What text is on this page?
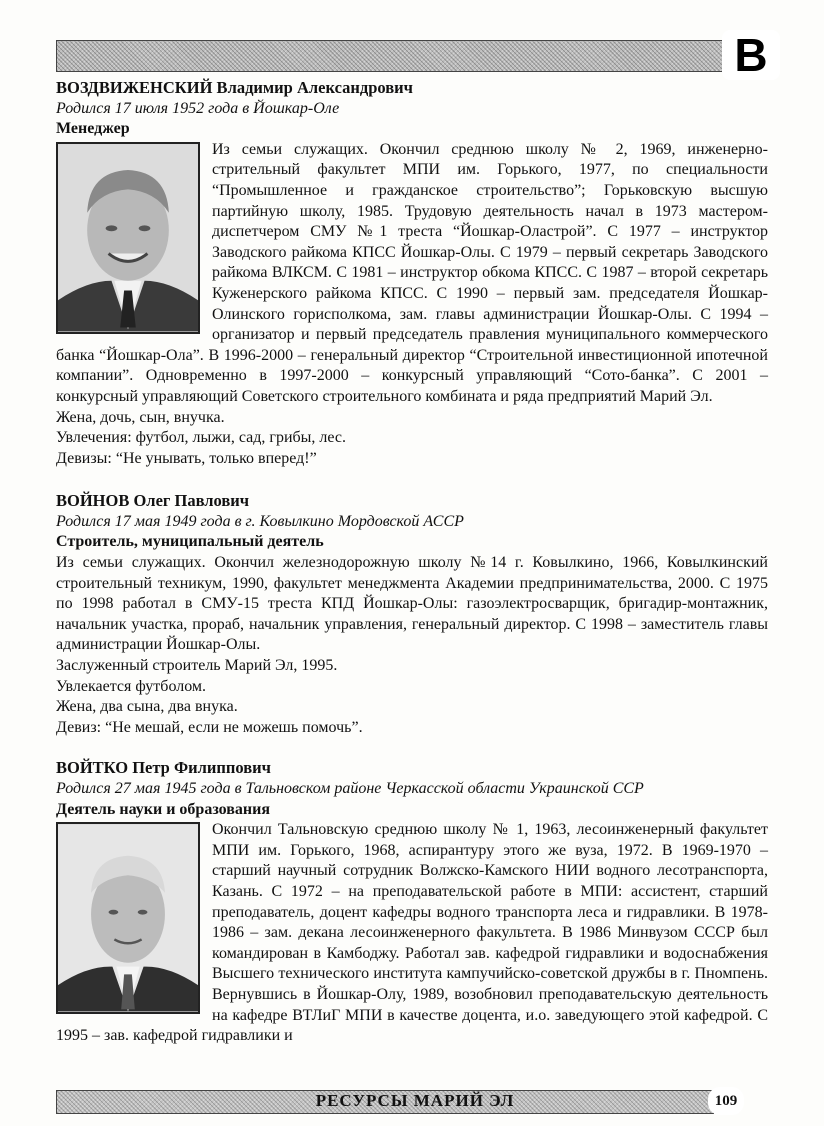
В
ВОЗДВИЖЕНСКИЙ Владимир Александрович
Родился 17 июля 1952 года в Йошкар-Оле
Менеджер
Из семьи служащих. Окончил среднюю школу № 2, 1969, инженерно-стрительный факультет МПИ им. Горького, 1977, по специальности “Промышленное и гражданское строительство”; Горьковскую высшую партийную школу, 1985. Трудовую деятельность начал в 1973 мастером-диспетчером СМУ №1 треста “Йошкар-Оластрой”. С 1977 – инструктор Заводского райкома КПСС Йошкар-Олы. С 1979 – первый секретарь Заводского райкома ВЛКСМ. С 1981 – инструктор обкома КПСС. С 1987 – второй секретарь Куженерского райкома КПСС. С 1990 – первый зам. председателя Йошкар-Олинского горисполкома, зам. главы администрации Йошкар-Олы. С 1994 – организатор и первый председатель правления муниципального коммерческого банка “Йошкар-Ола”. В 1996-2000 – генеральный директор “Строительной инвестиционной ипотечной компании”. Одновременно в 1997-2000 – конкурсный управляющий “Сото-банка”. С 2001 – конкурсный управляющий Советского строительного комбината и ряда предприятий Марий Эл.
Жена, дочь, сын, внучка.
Увлечения: футбол, лыжи, сад, грибы, лес.
Девизы: “Не унывать, только вперед!”
ВОЙНОВ Олег Павлович
Родился 17 мая 1949 года в г. Ковылкино Мордовской АССР
Строитель, муниципальный деятель
Из семьи служащих. Окончил железнодорожную школу №14 г. Ковылкино, 1966, Ковылкинский строительный техникум, 1990, факультет менеджмента Академии предпринимательства, 2000. С 1975 по 1998 работал в СМУ-15 треста КПД Йошкар-Олы: газоэлектросварщик, бригадир-монтажник, начальник участка, прораб, начальник управления, генеральный директор. С 1998 – заместитель главы администрации Йошкар-Олы.
Заслуженный строитель Марий Эл, 1995.
Увлекается футболом.
Жена, два сына, два внука.
Девиз: “Не мешай, если не можешь помочь”.
ВОЙТКО Петр Филиппович
Родился 27 мая 1945 года в Тальновском районе Черкасской области Украинской ССР
Деятель науки и образования
Окончил Тальновскую среднюю школу № 1, 1963, лесоинженерный факультет МПИ им. Горького, 1968, аспирантуру этого же вуза, 1972. В 1969-1970 – старший научный сотрудник Волжско-Камского НИИ водного лесотранспорта, Казань. С 1972 – на преподавательской работе в МПИ: ассистент, старший преподаватель, доцент кафедры водного транспорта леса и гидравлики. В 1978-1986 – зам. декана лесоинженерного факультета. В 1986 Минвузом СССР был командирован в Камбоджу. Работал зав. кафедрой гидравлики и водоснабжения Высшего технического института кампучийско-советской дружбы в г. Пномпень. Вернувшись в Йошкар-Олу, 1989, возобновил преподавательскую деятельность на кафедре ВТЛиГ МПИ в качестве доцента, и.о. заведующего этой кафедрой. С 1995 – зав. кафедрой гидравлики и
РЕСУРСЫ МАРИЙ ЭЛ	109
